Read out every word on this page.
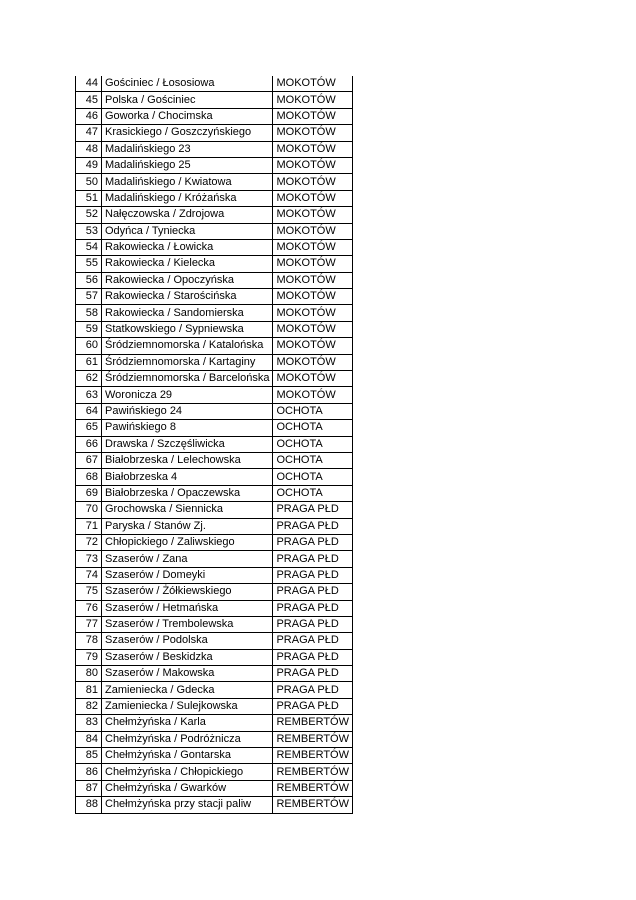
44	Gościniec / Łososiowa	MOKOTÓW
45	Polska / Gościniec	MOKOTÓW
46	Goworka / Chocimska	MOKOTÓW
47	Krasickiego / Goszczyńskiego	MOKOTÓW
48	Madalińskiego 23	MOKOTÓW
49	Madalińskiego 25	MOKOTÓW
50	Madalińskiego / Kwiatowa	MOKOTÓW
51	Madalińskiego / Króżańska	MOKOTÓW
52	Nałęczowska / Zdrojowa	MOKOTÓW
53	Odyńca / Tyniecka	MOKOTÓW
54	Rakowiecka / Łowicka	MOKOTÓW
55	Rakowiecka / Kielecka	MOKOTÓW
56	Rakowiecka / Opoczyńska	MOKOTÓW
57	Rakowiecka / Starościńska	MOKOTÓW
58	Rakowiecka / Sandomierska	MOKOTÓW
59	Statkowskiego / Sypniewska	MOKOTÓW
60	Śródziemnomorska / Katalońska	MOKOTÓW
61	Śródziemnomorska / Kartaginy	MOKOTÓW
62	Śródziemnomorska / Barcelońska	MOKOTÓW
63	Woronicza 29	MOKOTÓW
64	Pawińskiego 24	OCHOTA
65	Pawińskiego 8	OCHOTA
66	Drawska / Szczęśliwicka	OCHOTA
67	Białobrzeska / Lelechowska	OCHOTA
68	Białobrzeska 4	OCHOTA
69	Białobrzeska / Opaczewska	OCHOTA
70	Grochowska / Siennicka	PRAGA PŁD
71	Paryska / Stanów Zj.	PRAGA PŁD
72	Chłopickiego / Zaliwskiego	PRAGA PŁD
73	Szaserów / Zana	PRAGA PŁD
74	Szaserów / Domeyki	PRAGA PŁD
75	Szaserów / Żółkiewskiego	PRAGA PŁD
76	Szaserów / Hetmańska	PRAGA PŁD
77	Szaserów / Trembolewska	PRAGA PŁD
78	Szaserów / Podolska	PRAGA PŁD
79	Szaserów / Beskidzka	PRAGA PŁD
80	Szaserów / Makowska	PRAGA PŁD
81	Zamieniecka / Gdecka	PRAGA PŁD
82	Zamieniecka / Sulejkowska	PRAGA PŁD
83	Chełmżyńska / Karla	REMBERTÓW
84	Chełmżyńska / Podróżnicza	REMBERTÓW
85	Chełmżyńska / Gontarska	REMBERTÓW
86	Chełmżyńska / Chłopickiego	REMBERTÓW
87	Chełmżyńska / Gwarków	REMBERTÓW
88	Chełmżyńska przy stacji paliw	REMBERTÓW
